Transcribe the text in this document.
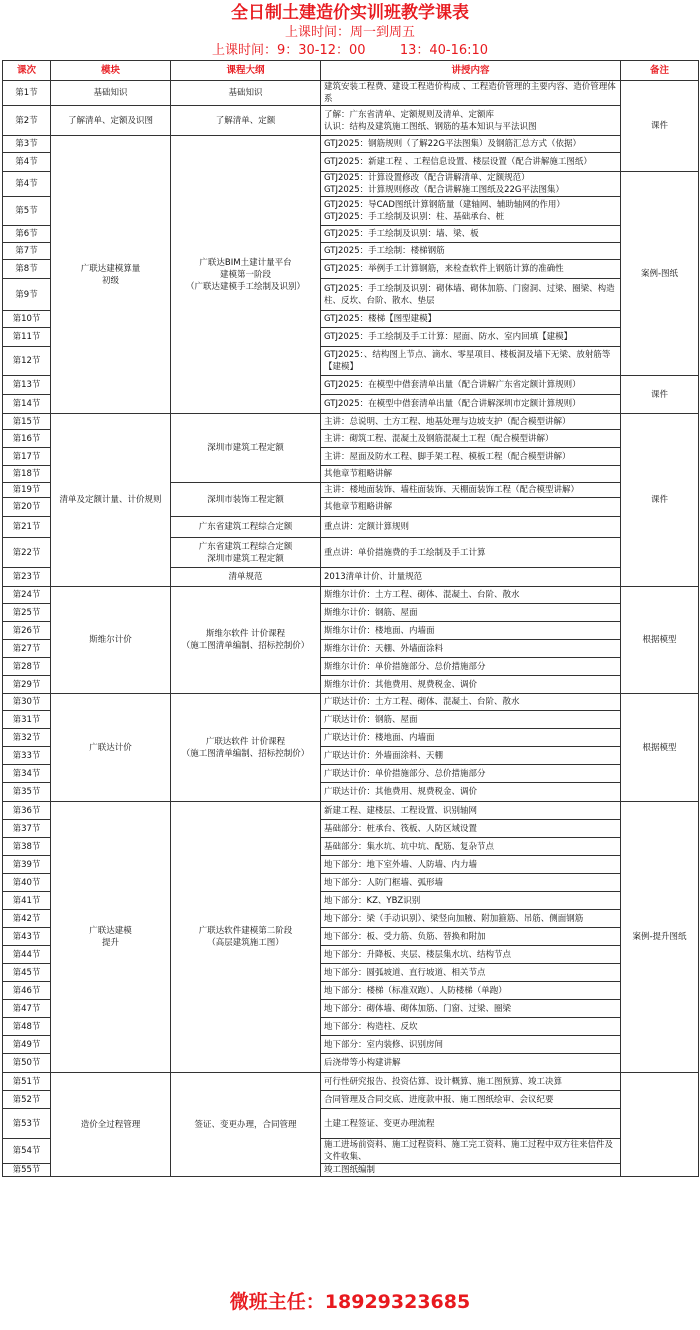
全日制土建造价实训班教学课表
上课时间：周一到周五
上课时间：9：30-12：00	13：40-16:10
课次	模块	课程大纲	讲授内容	备注
第1节	基础知识	基础知识	建筑安装工程费、建设工程造价构成 、工程造价管理的主要内容、造价管理体系	课件
第2节	了解清单、定额及识图	了解清单、定额	了解：广东省清单、定额规则及清单、定额库
认识：结构及建筑施工图纸、钢筋的基本知识与平法识图	
第3节	广联达建模算量
初级	广联达BIM土建计量平台
建模第一阶段
（广联达建模手工绘制及识别）	GTJ2025：钢筋规则（了解22G平法图集）及钢筋汇总方式（依据）	
第4节			GTJ2025：新建工程 、工程信息设置、楼层设置（配合讲解施工图纸）	
第4节			GTJ2025：计算设置修改（配合讲解清单、定额规范）
GTJ2025：计算规则修改（配合讲解施工图纸及22G平法图集）	案例-图纸
第5节			GTJ2025：导CAD图纸计算钢筋量（建轴网、辅助轴网的作用）
GTJ2025：手工绘制及识别：柱、基础承台、桩	
第6节			GTJ2025：手工绘制及识别：墙、梁、板	
第7节			GTJ2025：手工绘制：楼梯钢筋	
第8节			GTJ2025：举例手工计算钢筋，来检查软件上钢筋计算的准确性	
第9节			GTJ2025：手工绘制及识别：砌体墙、砌体加筋、门窗洞、过梁、圈梁、构造柱、反坎、台阶、散水、垫层	
第10节			GTJ2025：楼梯【图型建模】	
第11节			GTJ2025：手工绘制及手工计算：屋面、防水、室内回填【建模】	
第12节			GTJ2025：、结构图上节点、滴水、零星项目、楼板洞及墙下无梁、放射筋等【建模】	
第13节			GTJ2025：在模型中借套清单出量（配合讲解广东省定额计算规则）	课件
第14节			GTJ2025：在模型中借套清单出量（配合讲解深圳市定额计算规则）	
第15节	清单及定额计量、计价规则	深圳市建筑工程定额	主讲：总说明、土方工程、地基处理与边坡支护（配合模型讲解）	课件
第16节			主讲：砌筑工程、混凝土及钢筋混凝土工程（配合模型讲解）	
第17节			主讲：屋面及防水工程、脚手架工程、模板工程（配合模型讲解）	
第18节			其他章节粗略讲解	
第19节		深圳市装饰工程定额	主讲：楼地面装饰、墙柱面装饰、天棚面装饰工程（配合模型讲解）	
第20节			其他章节粗略讲解	
第21节		广东省建筑工程综合定额	重点讲：定额计算规则	
第22节		广东省建筑工程综合定额
深圳市建筑工程定额	重点讲：单价措施费的手工绘制及手工计算	
第23节		清单规范	2013清单计价、计量规范	
第24节	斯维尔计价	斯维尔软件 计价课程
（施工图清单编制、招标控制价）	斯维尔计价：土方工程、砌体、混凝土、台阶、散水	根据模型
第25节			斯维尔计价：钢筋、屋面	
第26节			斯维尔计价：楼地面、内墙面	
第27节			斯维尔计价：天棚、外墙面涂料	
第28节			斯维尔计价：单价措施部分、总价措施部分	
第29节			斯维尔计价：其他费用、规费税金、调价	
第30节	广联达计价	广联达软件 计价课程
（施工图清单编制、招标控制价）	广联达计价：土方工程、砌体、混凝土、台阶、散水	根据模型
第31节			广联达计价：钢筋、屋面	
第32节			广联达计价：楼地面、内墙面	
第33节			广联达计价：外墙面涂料、天棚	
第34节			广联达计价：单价措施部分、总价措施部分	
第35节			广联达计价：其他费用、规费税金、调价	
第36节	广联达建模
提升	广联达软件建模第二阶段
（高层建筑施工图）	新建工程、建楼层、工程设置、识别轴网	案例-提升图纸
第37节			基础部分：桩承台、筏板、人防区域设置	
第38节			基础部分：集水坑、坑中坑、配筋、复杂节点	
第39节			地下部分：地下室外墙、人防墙、内力墙	
第40节			地下部分：人防门框墙、弧形墙	
第41节			地下部分：KZ、YBZ识别	
第42节			地下部分：梁（手动识别）、梁竖向加腋、附加箍筋、吊筋、侧面钢筋	
第43节			地下部分：板、受力筋、负筋、替换和附加	
第44节			地下部分：升降板、夹层、楼层集水坑、结构节点	
第45节			地下部分：圆弧坡道、直行坡道、相关节点	
第46节			地下部分：楼梯（标准双跑）、人防楼梯（单跑）	
第47节			地下部分：砌体墙、砌体加筋、门窗、过梁、圈梁	
第48节			地下部分：构造柱、反坎	
第49节			地下部分：室内装修、识别房间	
第50节			后浇带等小构建讲解	
第51节	造价全过程管理	签证、变更办理，合同管理	可行性研究报告、投资估算、设计概算、施工图预算、竣工决算	
第52节			合同管理及合同交底、进度款申报、施工图纸绘审、会议纪要	
第53节			土建工程签证、变更办理流程	
第54节			施工进场前资料、施工过程资料、施工完工资料、施工过程中双方往来信件及文件收集、	
第55节			竣工图纸编制	
微班主任：18929323685
